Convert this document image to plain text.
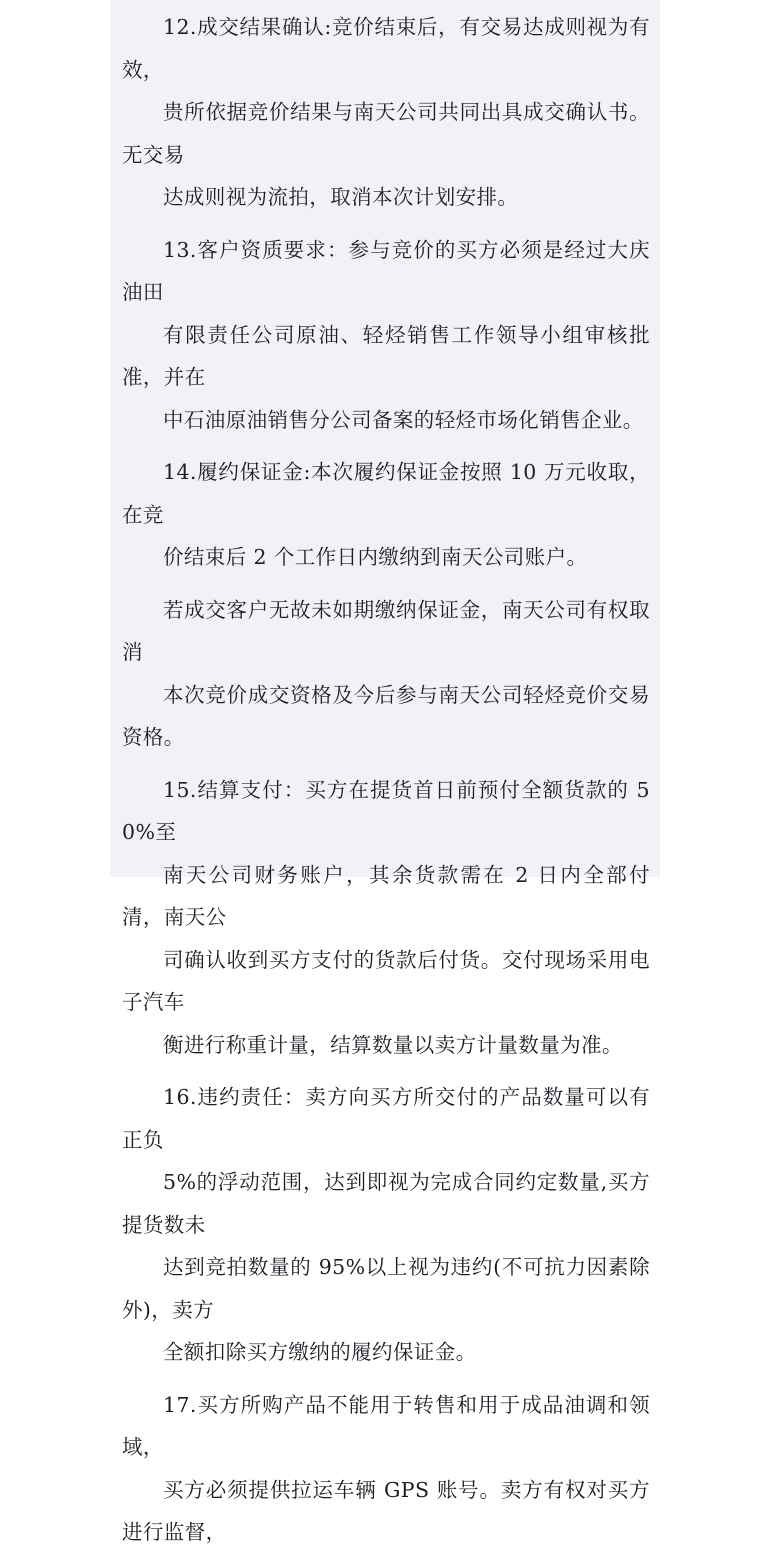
12.成交结果确认:竞价结束后，有交易达成则视为有效，
贵所依据竞价结果与南天公司共同出具成交确认书。无交易
达成则视为流拍，取消本次计划安排。

13.客户资质要求：参与竞价的买方必须是经过大庆油田
有限责任公司原油、轻烃销售工作领导小组审核批准，并在
中石油原油销售分公司备案的轻烃市场化销售企业。

14.履约保证金:本次履约保证金按照 10 万元收取，在竞
价结束后 2 个工作日内缴纳到南天公司账户。

若成交客户无故未如期缴纳保证金，南天公司有权取消
本次竞价成交资格及今后参与南天公司轻烃竞价交易资格。

15.结算支付：买方在提货首日前预付全额货款的 50%至
南天公司财务账户，其余货款需在 2 日内全部付清，南天公
司确认收到买方支付的货款后付货。交付现场采用电子汽车
衡进行称重计量，结算数量以卖方计量数量为准。

16.违约责任：卖方向买方所交付的产品数量可以有正负
5%的浮动范围，达到即视为完成合同约定数量,买方提货数未
达到竞拍数量的 95%以上视为违约(不可抗力因素除外)，卖方
全额扣除买方缴纳的履约保证金。

17.买方所购产品不能用于转售和用于成品油调和领域，
买方必须提供拉运车辆 GPS 账号。卖方有权对买方进行监督，
